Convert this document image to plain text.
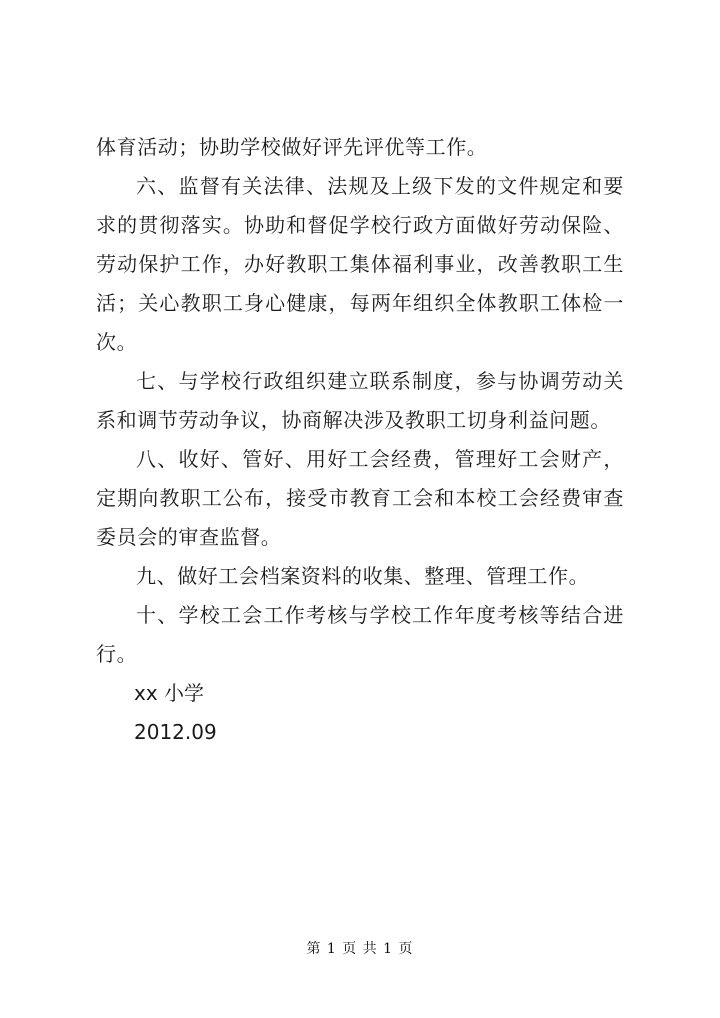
体育活动；协助学校做好评先评优等工作。

六、监督有关法律、法规及上级下发的文件规定和要求的贯彻落实。协助和督促学校行政方面做好劳动保险、劳动保护工作，办好教职工集体福利事业，改善教职工生活；关心教职工身心健康，每两年组织全体教职工体检一次。

七、与学校行政组织建立联系制度，参与协调劳动关系和调节劳动争议，协商解决涉及教职工切身利益问题。

八、收好、管好、用好工会经费，管理好工会财产，定期向教职工公布，接受市教育工会和本校工会经费审查委员会的审查监督。

九、做好工会档案资料的收集、整理、管理工作。

十、学校工会工作考核与学校工作年度考核等结合进行。

xx 小学

2012.09

第 1 页 共 1 页
